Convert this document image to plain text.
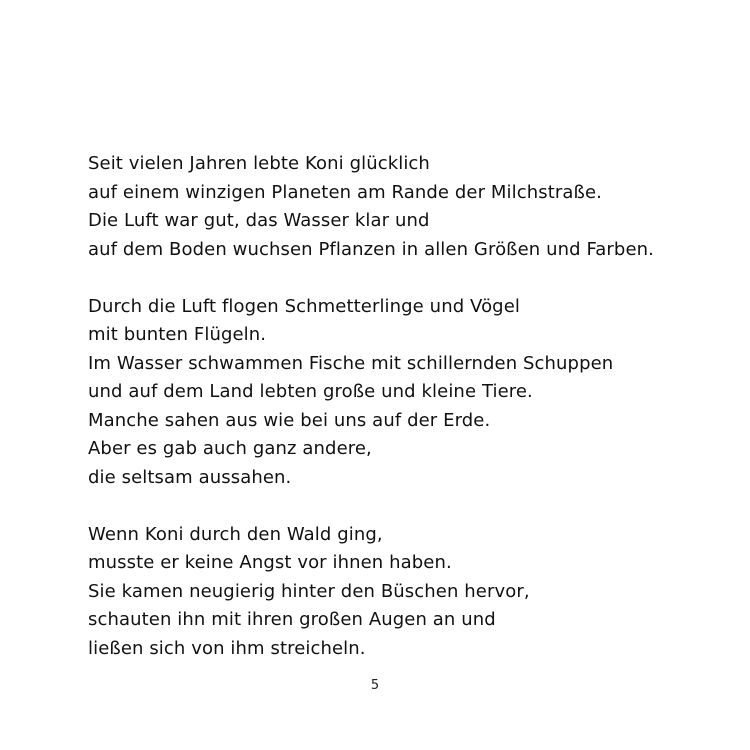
Seit vielen Jahren lebte Koni glücklich
auf einem winzigen Planeten am Rande der Milchstraße.
Die Luft war gut, das Wasser klar und
auf dem Boden wuchsen Pflanzen in allen Größen und Farben.

Durch die Luft flogen Schmetterlinge und Vögel
mit bunten Flügeln.
Im Wasser schwammen Fische mit schillernden Schuppen
und auf dem Land lebten große und kleine Tiere.
Manche sahen aus wie bei uns auf der Erde.
Aber es gab auch ganz andere,
die seltsam aussahen.

Wenn Koni durch den Wald ging,
musste er keine Angst vor ihnen haben.
Sie kamen neugierig hinter den Büschen hervor,
schauten ihn mit ihren großen Augen an und
ließen sich von ihm streicheln.

5
